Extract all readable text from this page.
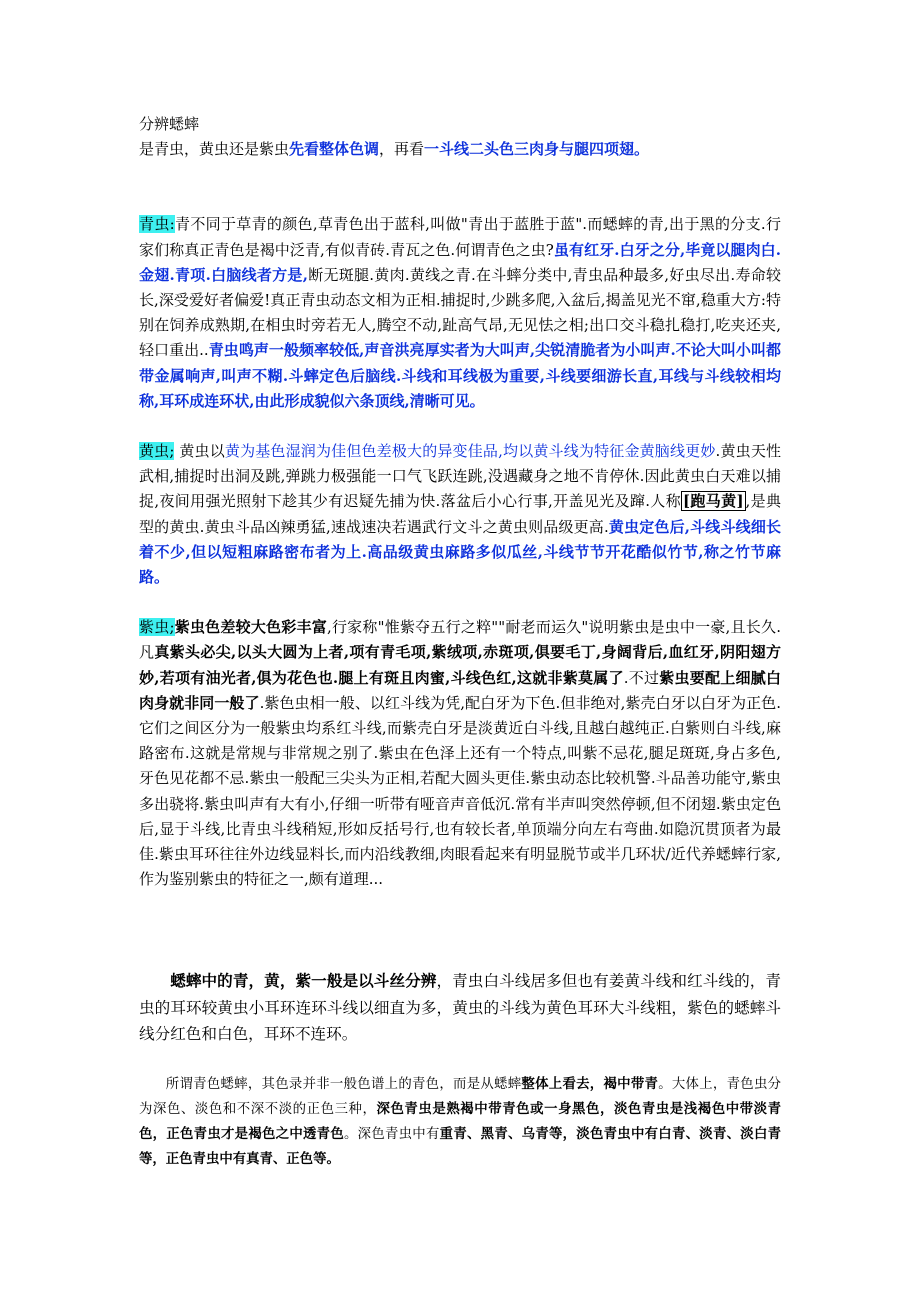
分辨蟋蟀

是青虫，黄虫还是紫虫先看整体色调，再看一斗线二头色三肉身与腿四项翅。

青虫:青不同于草青的颜色,草青色出于蓝科,叫做"青出于蓝胜于蓝".而蟋蟀的青,出于黑的分支.行家们称真正青色是褐中泛青,有似青砖.青瓦之色.何谓青色之虫?虽有红牙.白牙之分,毕竟以腿肉白.金翅.青项.白脑线者方是,断无斑腿.黄肉.黄线之青.在斗蟀分类中,青虫品种最多,好虫尽出.寿命较长,深受爱好者偏爱!真正青虫动态文相为正相.捕捉时,少跳多爬,入盆后,揭盖见光不窜,稳重大方:特别在饲养成熟期,在相虫时旁若无人,腾空不动,趾高气昂,无见怯之相;出口交斗稳扎稳打,吃夹还夹,轻口重出..青虫鸣声一般频率较低,声音洪亮厚实者为大叫声,尖锐清脆者为小叫声.不论大叫小叫都带金属响声,叫声不糊.斗蟀定色后脑线.斗线和耳线极为重要,斗线要细游长直,耳线与斗线较相均称,耳环成连环状,由此形成貌似六条顶线,清晰可见。

黄虫; 黄虫以黄为基色湿润为佳但色差极大的异变佳品,均以黄斗线为特征金黄脑线更妙.黄虫天性武相,捕捉时出洞及跳,弹跳力极强能一口气飞跃连跳,没遇藏身之地不肯停休.因此黄虫白天难以捕捉,夜间用强光照射下趁其少有迟疑先捕为快.落盆后小心行事,开盖见光及蹿.人称 [跑马黄] ,是典型的黄虫.黄虫斗品凶辣勇猛,速战速决若遇武行文斗之黄虫则品级更高.黄虫定色后,斗线斗线细长着不少,但以短粗麻路密布者为上.高品级黄虫麻路多似瓜丝,斗线节节开花酷似竹节,称之竹节麻路。

紫虫;紫虫色差较大色彩丰富,行家称"惟紫夺五行之粹""耐老而运久"说明紫虫是虫中一豪,且长久.凡真紫头必尖,以头大圆为上者,项有青毛项,紫绒项,赤斑项,俱要毛丁,身阔背后,血红牙,阴阳翅方妙,若项有油光者,俱为花色也.腿上有斑且肉蜜,斗线色红,这就非紫莫属了.不过紫虫要配上细腻白肉身就非同一般了.紫色虫相一般、以红斗线为凭,配白牙为下色.但非绝对,紫壳白牙以白牙为正色.它们之间区分为一般紫虫均系红斗线,而紫壳白牙是淡黄近白斗线,且越白越纯正.白紫则白斗线,麻路密布.这就是常规与非常规之别了.紫虫在色泽上还有一个特点,叫紫不忌花,腿足斑斑,身占多色,牙色见花都不忌.紫虫一般配三尖头为正相,若配大圆头更佳.紫虫动态比较机警.斗品善功能守,紫虫多出骁将.紫虫叫声有大有小,仔细一听带有哑音声音低沉.常有半声叫突然停顿,但不闭翅.紫虫定色后,显于斗线,比青虫斗线稍短,形如反括号行,也有较长者,单顶端分向左右弯曲.如隐沉贯顶者为最佳.紫虫耳环往往外边线显料长,而内沿线教细,肉眼看起来有明显脱节或半几环状/近代养蟋蟀行家,作为鉴别紫虫的特征之一,颇有道理...

蟋蟀中的青，黄，紫一般是以斗丝分辨，青虫白斗线居多但也有姜黄斗线和红斗线的，青虫的耳环较黄虫小耳环连环斗线以细直为多，黄虫的斗线为黄色耳环大斗线粗，紫色的蟋蟀斗线分红色和白色，耳环不连环。

所谓青色蟋蟀，其色录并非一般色谱上的青色，而是从蟋蟀整体上看去，褐中带青。大体上，青色虫分为深色、淡色和不深不淡的正色三种，深色青虫是熟褐中带青色或一身黑色，淡色青虫是浅褐色中带淡青色，正色青虫才是褐色之中透青色。深色青虫中有重青、黑青、乌青等，淡色青虫中有白青、淡青、淡白青等，正色青虫中有真青、正色等。
